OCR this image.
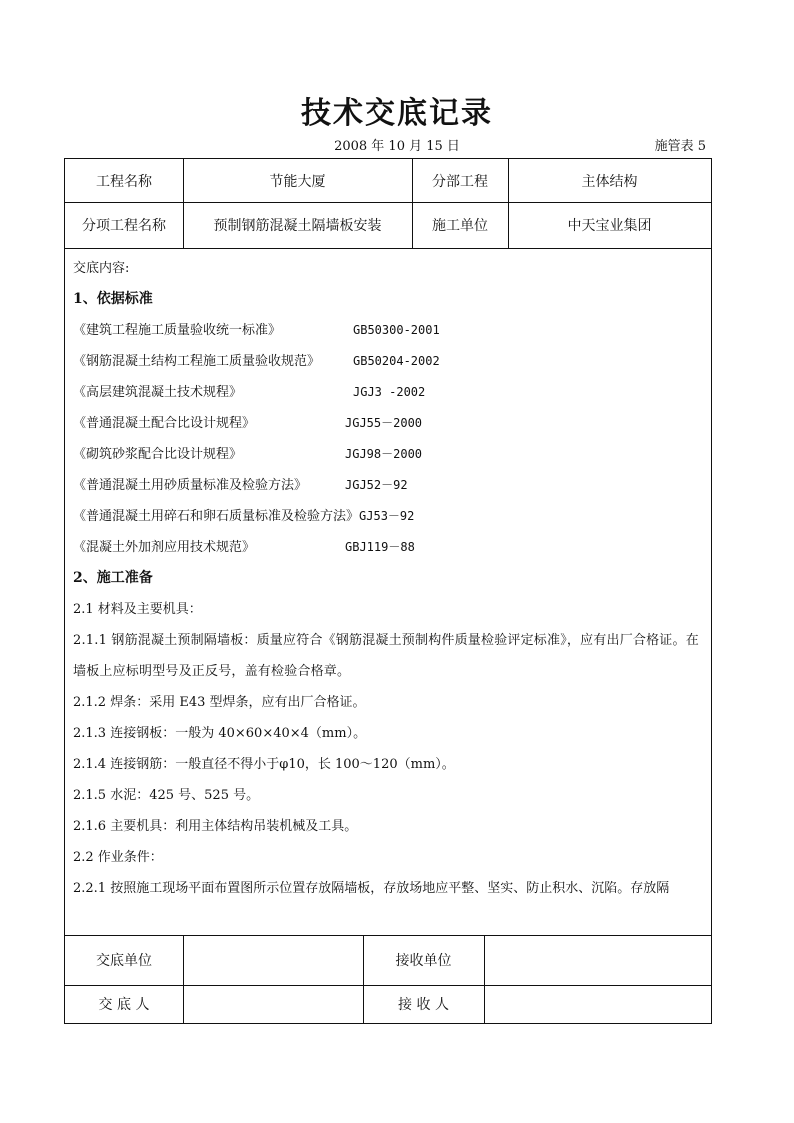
技术交底记录
2008 年 10 月 15 日	施管表 5
工程名称	节能大厦	分部工程	主体结构
分项工程名称	预制钢筋混凝土隔墙板安装	施工单位	中天宝业集团
交底内容:
1、依据标准
《建筑工程施工质量验收统一标准》	GB50300-2001
《钢筋混凝土结构工程施工质量验收规范》	GB50204-2002
《高层建筑混凝土技术规程》	JGJ3 -2002
《普通混凝土配合比设计规程》	JGJ55－2000
《砌筑砂浆配合比设计规程》	JGJ98－2000
《普通混凝土用砂质量标准及检验方法》	JGJ52－92
《普通混凝土用碎石和卵石质量标准及检验方法》GJ53－92
《混凝土外加剂应用技术规范》	GBJ119－88
2、施工准备
2.1 材料及主要机具：
2.1.1 钢筋混凝土预制隔墙板：质量应符合《钢筋混凝土预制构件质量检验评定标准》，应有出厂合格证。在墙板上应标明型号及正反号，盖有检验合格章。
2.1.2 焊条：采用 E43 型焊条，应有出厂合格证。
2.1.3 连接钢板：一般为 40×60×40×4（mm）。
2.1.4 连接钢筋：一般直径不得小于φ10，长 100～120（mm）。
2.1.5 水泥：425 号、525 号。
2.1.6 主要机具：利用主体结构吊装机械及工具。
2.2 作业条件：
2.2.1 按照施工现场平面布置图所示位置存放隔墙板，存放场地应平整、坚实、防止积水、沉陷。存放隔
交底单位	接收单位
交 底 人	接 收 人
